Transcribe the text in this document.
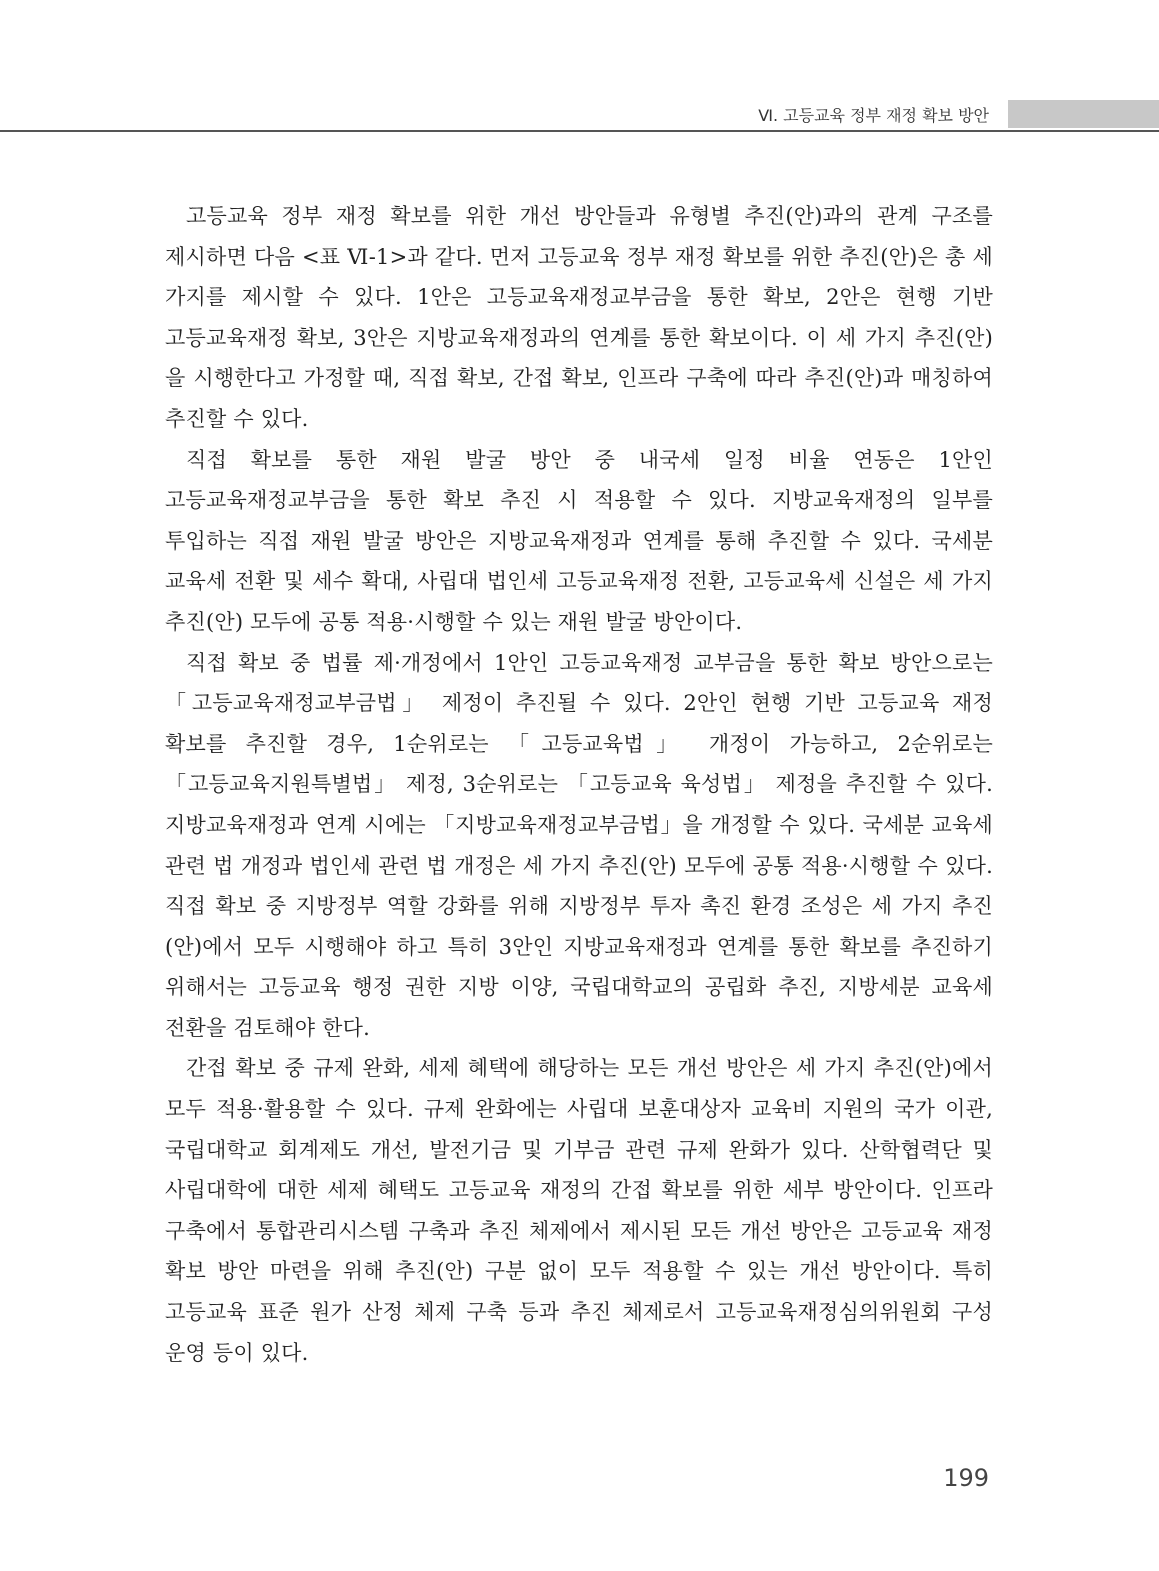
Ⅵ. 고등교육 정부 재정 확보 방안

고등교육 정부 재정 확보를 위한 개선 방안들과 유형별 추진(안)과의 관계 구조를 제시하면 다음 <표 Ⅵ-1>과 같다. 먼저 고등교육 정부 재정 확보를 위한 추진(안)은 총 세 가지를 제시할 수 있다. 1안은 고등교육재정교부금을 통한 확보, 2안은 현행 기반 고등교육재정 확보, 3안은 지방교육재정과의 연계를 통한 확보이다. 이 세 가지 추진(안)을 시행한다고 가정할 때, 직접 확보, 간접 확보, 인프라 구축에 따라 추진(안)과 매칭하여 추진할 수 있다.

직접 확보를 통한 재원 발굴 방안 중 내국세 일정 비율 연동은 1안인 고등교육재정교부금을 통한 확보 추진 시 적용할 수 있다. 지방교육재정의 일부를 투입하는 직접 재원 발굴 방안은 지방교육재정과 연계를 통해 추진할 수 있다. 국세분 교육세 전환 및 세수 확대, 사립대 법인세 고등교육재정 전환, 고등교육세 신설은 세 가지 추진(안) 모두에 공통 적용·시행할 수 있는 재원 발굴 방안이다.

직접 확보 중 법률 제·개정에서 1안인 고등교육재정 교부금을 통한 확보 방안으로는 「고등교육재정교부금법」 제정이 추진될 수 있다. 2안인 현행 기반 고등교육 재정 확보를 추진할 경우, 1순위로는 「고등교육법」 개정이 가능하고, 2순위로는 「고등교육지원특별법」 제정, 3순위로는 「고등교육 육성법」 제정을 추진할 수 있다. 지방교육재정과 연계 시에는 「지방교육재정교부금법」을 개정할 수 있다. 국세분 교육세 관련 법 개정과 법인세 관련 법 개정은 세 가지 추진(안) 모두에 공통 적용·시행할 수 있다. 직접 확보 중 지방정부 역할 강화를 위해 지방정부 투자 촉진 환경 조성은 세 가지 추진(안)에서 모두 시행해야 하고 특히 3안인 지방교육재정과 연계를 통한 확보를 추진하기 위해서는 고등교육 행정 권한 지방 이양, 국립대학교의 공립화 추진, 지방세분 교육세 전환을 검토해야 한다.

간접 확보 중 규제 완화, 세제 혜택에 해당하는 모든 개선 방안은 세 가지 추진(안)에서 모두 적용·활용할 수 있다. 규제 완화에는 사립대 보훈대상자 교육비 지원의 국가 이관, 국립대학교 회계제도 개선, 발전기금 및 기부금 관련 규제 완화가 있다. 산학협력단 및 사립대학에 대한 세제 혜택도 고등교육 재정의 간접 확보를 위한 세부 방안이다. 인프라 구축에서 통합관리시스템 구축과 추진 체제에서 제시된 모든 개선 방안은 고등교육 재정 확보 방안 마련을 위해 추진(안) 구분 없이 모두 적용할 수 있는 개선 방안이다. 특히 고등교육 표준 원가 산정 체제 구축 등과 추진 체제로서 고등교육재정심의위원회 구성 운영 등이 있다.

199
